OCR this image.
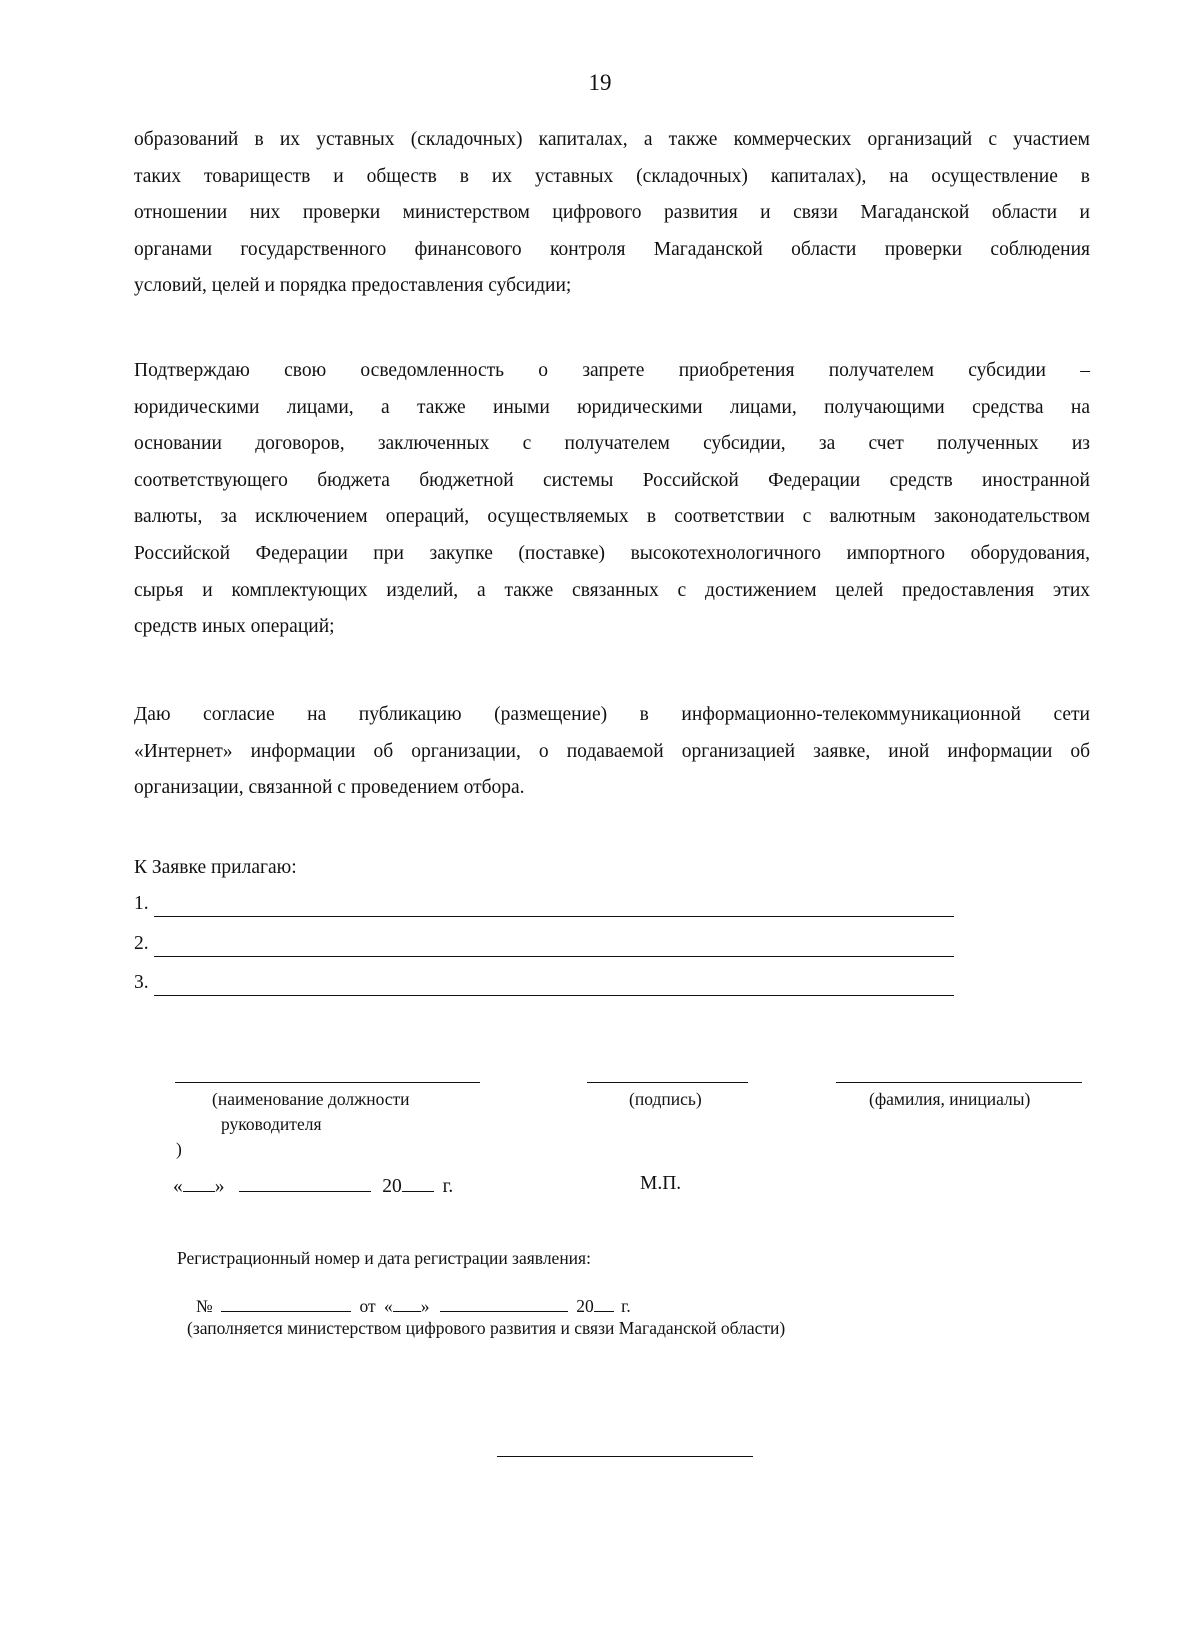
19
образований в их уставных (складочных) капиталах, а также коммерческих организаций с участием
таких товариществ и обществ в их уставных (складочных) капиталах), на осуществление в
отношении них проверки министерством цифрового развития и связи Магаданской области и
органами государственного финансового контроля Магаданской области проверки соблюдения
условий, целей и порядка предоставления субсидии;
Подтверждаю свою осведомленность о запрете приобретения получателем субсидии –
юридическими лицами, а также иными юридическими лицами, получающими средства на
основании договоров, заключенных с получателем субсидии, за счет полученных из
соответствующего бюджета бюджетной системы Российской Федерации средств иностранной
валюты, за исключением операций, осуществляемых в соответствии с валютным законодательством
Российской Федерации при закупке (поставке) высокотехнологичного импортного оборудования,
сырья и комплектующих изделий, а также связанных с достижением целей предоставления этих
средств иных операций;
Даю согласие на публикацию (размещение) в информационно-телекоммуникационной сети
«Интернет» информации об организации, о подаваемой организацией заявке, иной информации об
организации, связанной с проведением отбора.
К Заявке прилагаю:
1.
2.
3.
(наименование должности
руководителя
)
(подпись)	(фамилия, инициалы)
« »	20 г.	М.П.
Регистрационный номер и дата регистрации заявления:
№	от « »	20 г.
(заполняется министерством цифрового развития и связи Магаданской области)
